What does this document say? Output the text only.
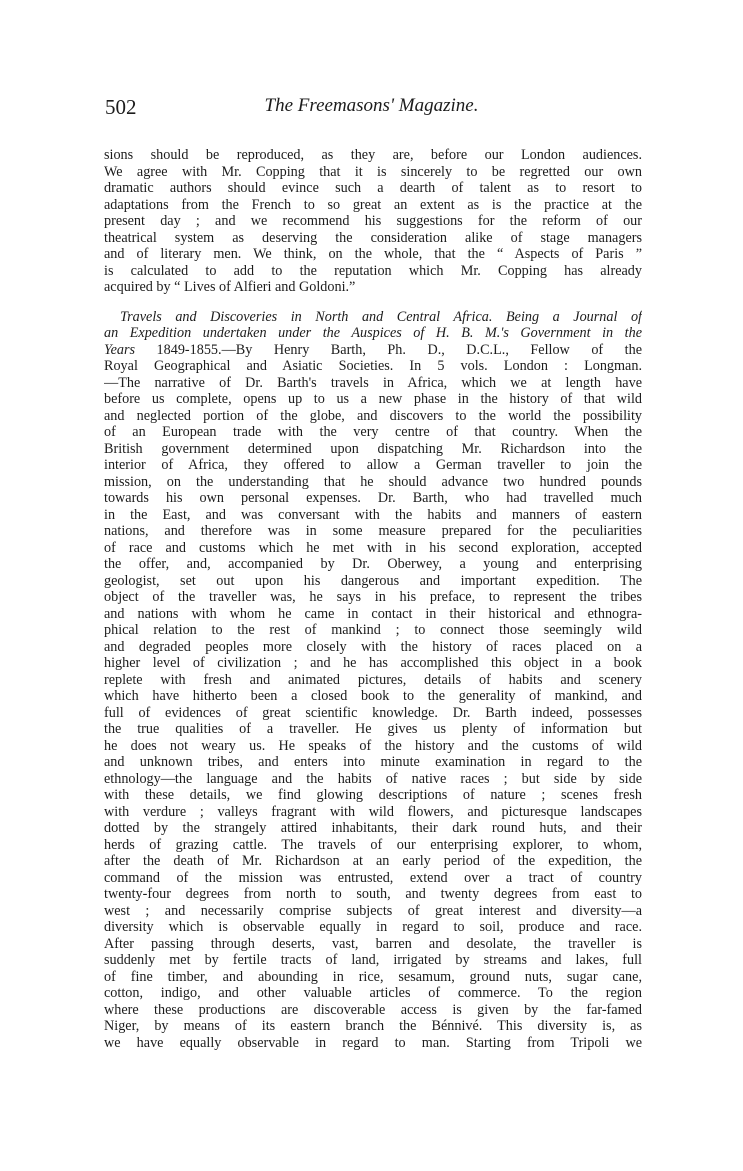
502	The Freemasons' Magazine.
sions should be reproduced, as they are, before our London audiences.
We agree with Mr. Copping that it is sincerely to be regretted our own
dramatic authors should evince such a dearth of talent as to resort to
adaptations from the French to so great an extent as is the practice at the
present day ; and we recommend his suggestions for the reform of our
theatrical system as deserving the consideration alike of stage managers
and of literary men. We think, on the whole, that the “ Aspects of Paris ”
is calculated to add to the reputation which Mr. Copping has already
acquired by “ Lives of Alfieri and Goldoni.”
Travels and Discoveries in North and Central Africa. Being a Journal of
an Expedition undertaken under the Auspices of H. B. M.'s Government in the
Years 1849-1855.—By Henry Barth, Ph. D., D.C.L., Fellow of the
Royal Geographical and Asiatic Societies. In 5 vols. London : Longman.
—The narrative of Dr. Barth's travels in Africa, which we at length have
before us complete, opens up to us a new phase in the history of that wild
and neglected portion of the globe, and discovers to the world the possibility
of an European trade with the very centre of that country. When the
British government determined upon dispatching Mr. Richardson into the
interior of Africa, they offered to allow a German traveller to join the
mission, on the understanding that he should advance two hundred pounds
towards his own personal expenses. Dr. Barth, who had travelled much
in the East, and was conversant with the habits and manners of eastern
nations, and therefore was in some measure prepared for the peculiarities
of race and customs which he met with in his second exploration, accepted
the offer, and, accompanied by Dr. Oberwey, a young and enterprising
geologist, set out upon his dangerous and important expedition. The
object of the traveller was, he says in his preface, to represent the tribes
and nations with whom he came in contact in their historical and ethnogra-
phical relation to the rest of mankind ; to connect those seemingly wild
and degraded peoples more closely with the history of races placed on a
higher level of civilization ; and he has accomplished this object in a book
replete with fresh and animated pictures, details of habits and scenery
which have hitherto been a closed book to the generality of mankind, and
full of evidences of great scientific knowledge. Dr. Barth indeed, possesses
the true qualities of a traveller. He gives us plenty of information but
he does not weary us. He speaks of the history and the customs of wild
and unknown tribes, and enters into minute examination in regard to the
ethnology—the language and the habits of native races ; but side by side
with these details, we find glowing descriptions of nature ; scenes fresh
with verdure ; valleys fragrant with wild flowers, and picturesque landscapes
dotted by the strangely attired inhabitants, their dark round huts, and their
herds of grazing cattle. The travels of our enterprising explorer, to whom,
after the death of Mr. Richardson at an early period of the expedition, the
command of the mission was entrusted, extend over a tract of country
twenty-four degrees from north to south, and twenty degrees from east to
west ; and necessarily comprise subjects of great interest and diversity—a
diversity which is observable equally in regard to soil, produce and race.
After passing through deserts, vast, barren and desolate, the traveller is
suddenly met by fertile tracts of land, irrigated by streams and lakes, full
of fine timber, and abounding in rice, sesamum, ground nuts, sugar cane,
cotton, indigo, and other valuable articles of commerce. To the region
where these productions are discoverable access is given by the far-famed
Niger, by means of its eastern branch the Bénnivé. This diversity is, as
we have equally observable in regard to man. Starting from Tripoli we
